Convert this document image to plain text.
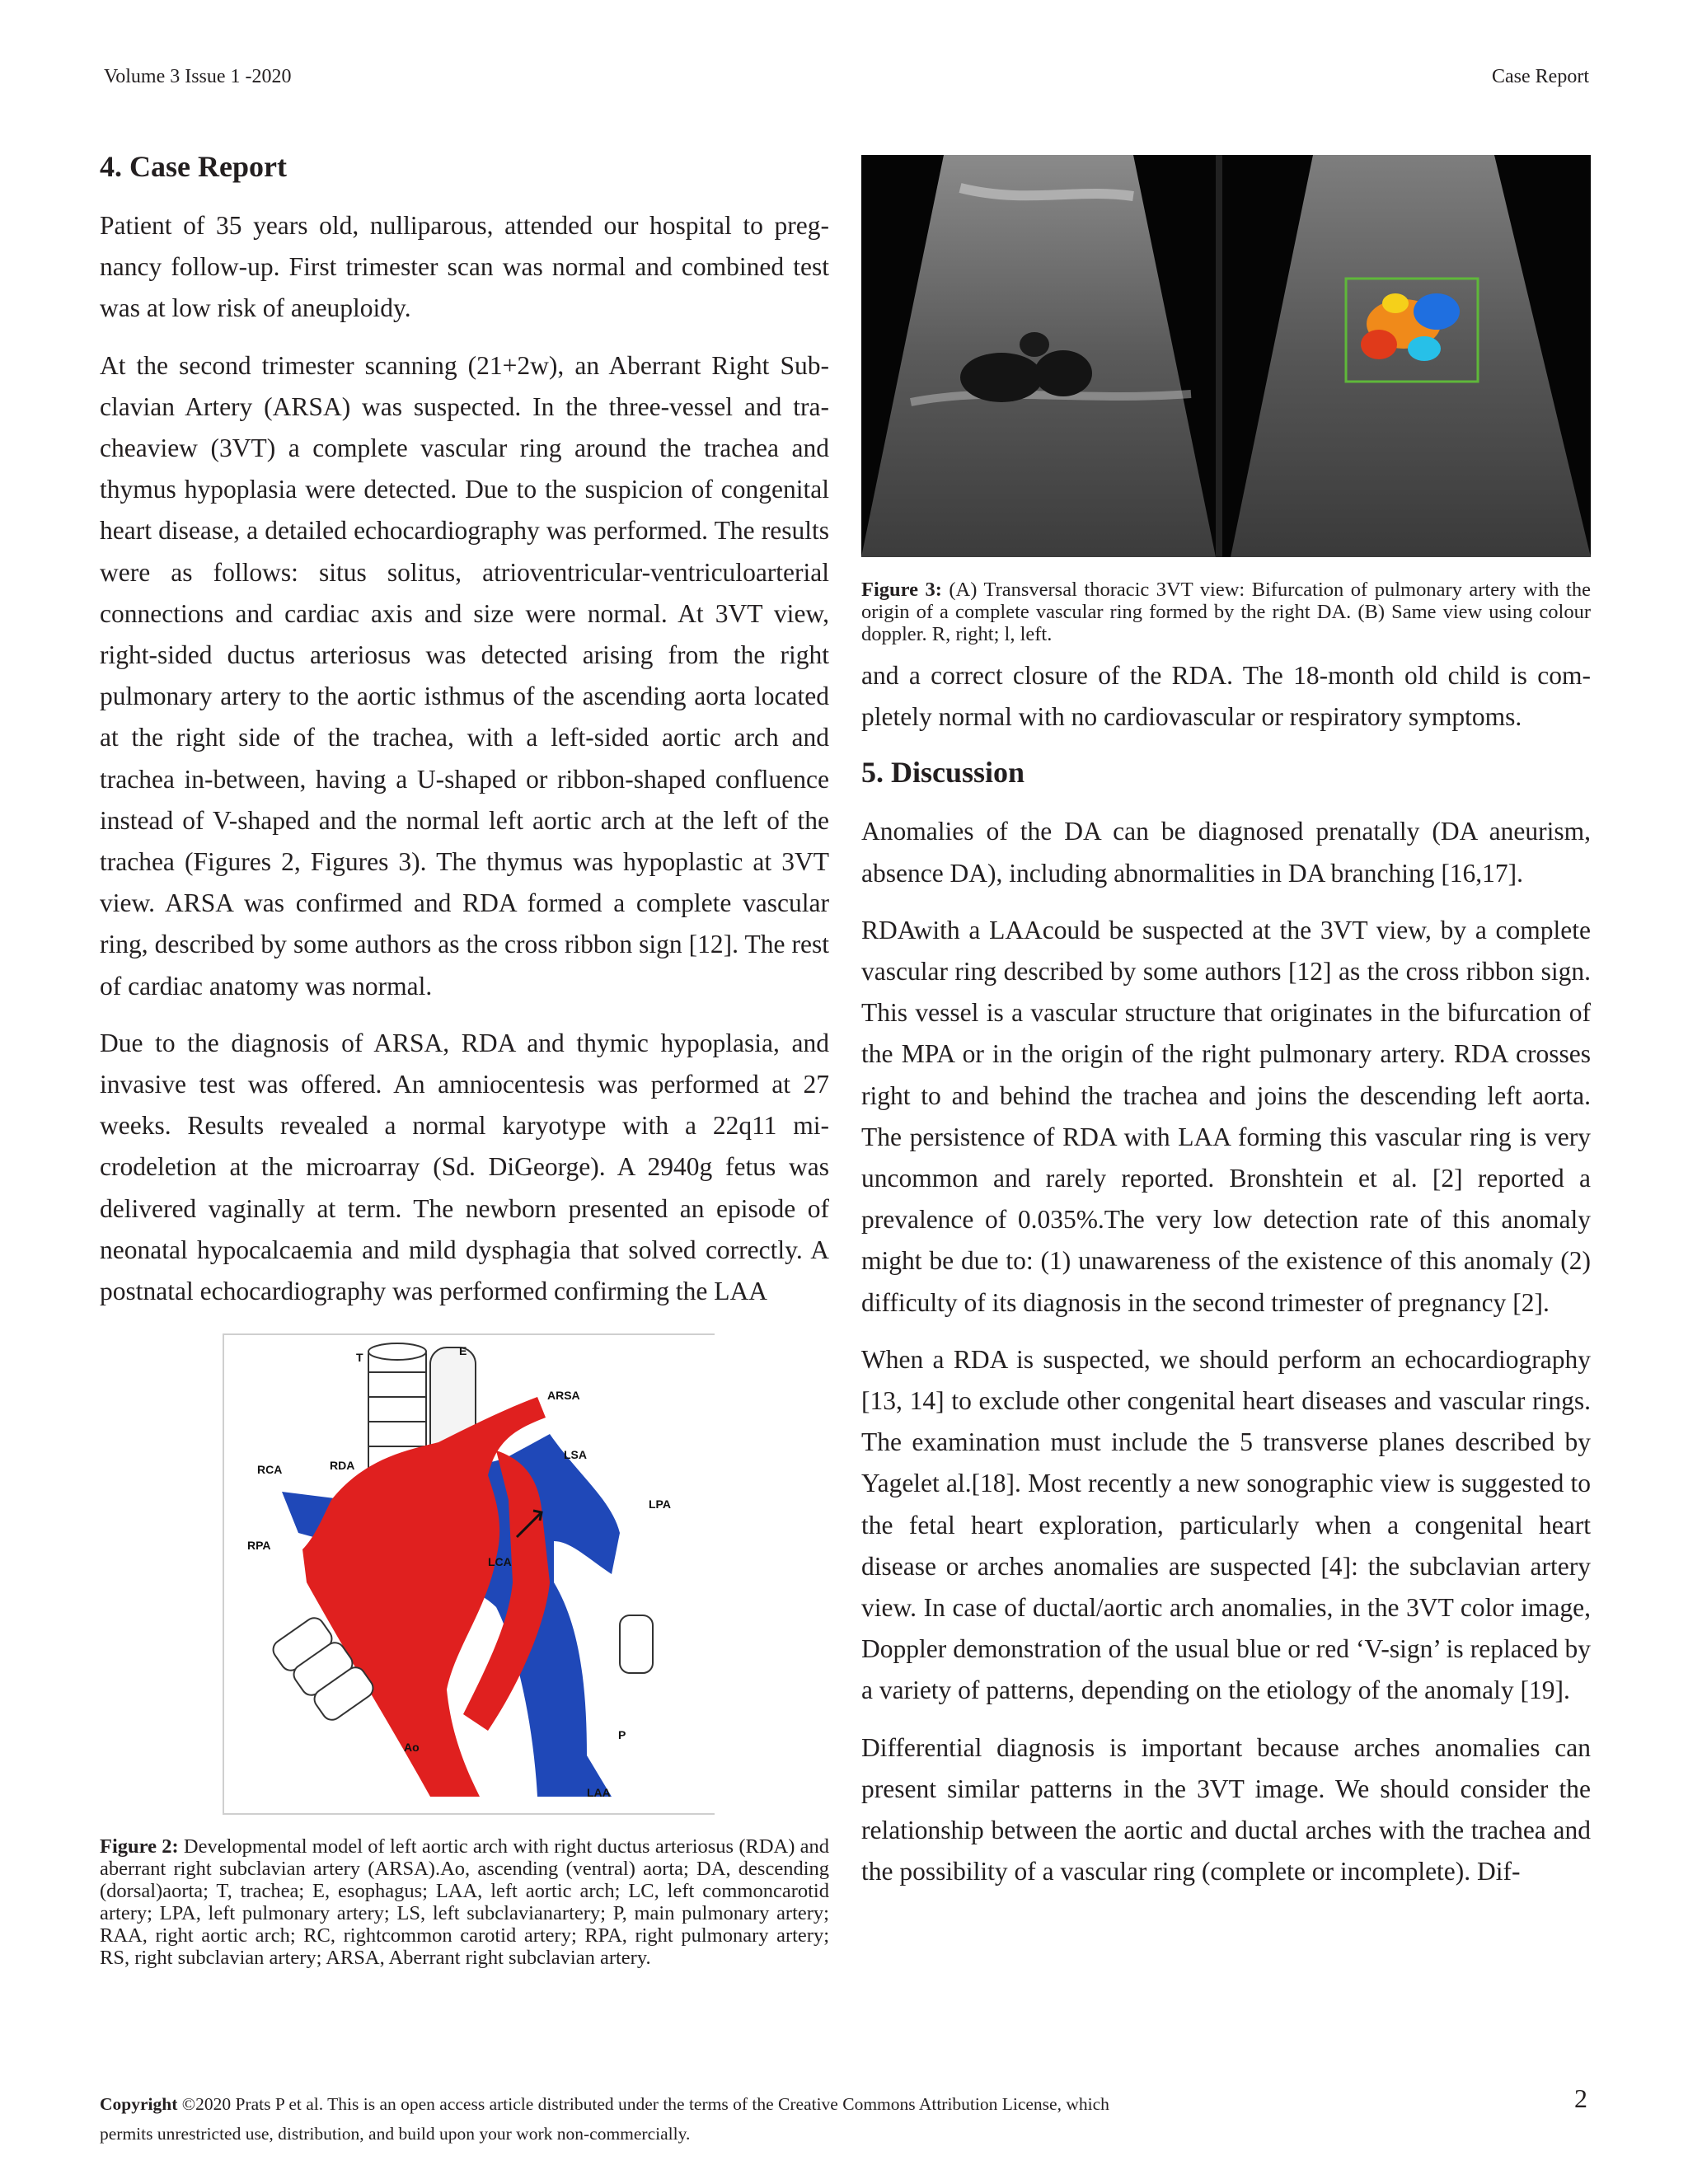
Volume 3 Issue 1 -2020	Case Report
4. Case Report

Patient of 35 years old, nulliparous, attended our hospital to pregnancy follow-up. First trimester scan was normal and combined test was at low risk of aneuploidy.

At the second trimester scanning (21+2w), an Aberrant Right Subclavian Artery (ARSA) was suspected. In the three-vessel and tracheaview (3VT) a complete vascular ring around the trachea and thymus hypoplasia were detected. Due to the suspicion of congenital heart disease, a detailed echocardiography was performed. The results were as follows: situs solitus, atrioventricular-ventriculoarterial connections and cardiac axis and size were normal. At 3VT view, right-sided ductus arteriosus was detected arising from the right pulmonary artery to the aortic isthmus of the ascending aorta located at the right side of the trachea, with a left-sided aortic arch and trachea in-between, having a U-shaped or ribbon-shaped confluence instead of V-shaped and the normal left aortic arch at the left of the trachea (Figures 2, Figures 3). The thymus was hypoplastic at 3VT view. ARSA was confirmed and RDA formed a complete vascular ring, described by some authors as the cross ribbon sign [12]. The rest of cardiac anatomy was normal.

Due to the diagnosis of ARSA, RDA and thymic hypoplasia, and invasive test was offered. An amniocentesis was performed at 27 weeks. Results revealed a normal karyotype with a 22q11 microdeletion at the microarray (Sd. DiGeorge). A 2940g fetus was delivered vaginally at term. The newborn presented an episode of neonatal hypocalcaemia and mild dysphagia that solved correctly. A postnatal echocardiography was performed confirming the LAA

T	E
ARSA
LSA
RCA	RDA
LPA
RPA
LCA
Ao
P
LAA

Figure 2: Developmental model of left aortic arch with right ductus arteriosus (RDA) and aberrant right subclavian artery (ARSA).Ao, ascending (ventral) aorta; DA, descending (dorsal)aorta; T, trachea; E, esophagus; LAA, left aortic arch; LC, left commoncarotid artery; LPA, left pulmonary artery; LS, left subclavianartery; P, main pulmonary artery; RAA, right aortic arch; RC, rightcommon carotid artery; RPA, right pulmonary artery; RS, right subclavian artery; ARSA, Aberrant right subclavian artery.

Figure 3: (A) Transversal thoracic 3VT view: Bifurcation of pulmonary artery with the origin of a complete vascular ring formed by the right DA. (B) Same view using colour doppler. R, right; l, left.

and a correct closure of the RDA. The 18-month old child is completely normal with no cardiovascular or respiratory symptoms.

5. Discussion

Anomalies of the DA can be diagnosed prenatally (DA aneurism, absence DA), including abnormalities in DA branching [16,17].

RDAwith a LAAcould be suspected at the 3VT view, by a complete vascular ring described by some authors [12] as the cross ribbon sign. This vessel is a vascular structure that originates in the bifurcation of the MPA or in the origin of the right pulmonary artery. RDA crosses right to and behind the trachea and joins the descending left aorta. The persistence of RDA with LAA forming this vascular ring is very uncommon and rarely reported. Bronshtein et al. [2] reported a prevalence of 0.035%.The very low detection rate of this anomaly might be due to: (1) unawareness of the existence of this anomaly (2) difficulty of its diagnosis in the second trimester of pregnancy [2].

When a RDA is suspected, we should perform an echocardiography [13, 14] to exclude other congenital heart diseases and vascular rings. The examination must include the 5 transverse planes described by Yagelet al.[18]. Most recently a new sonographic view is suggested to the fetal heart exploration, particularly when a congenital heart disease or arches anomalies are suspected [4]: the subclavian artery view. In case of ductal/aortic arch anomalies, in the 3VT color image, Doppler demonstration of the usual blue or red ‘V-sign’ is replaced by a variety of patterns, depending on the etiology of the anomaly [19].

Differential diagnosis is important because arches anomalies can present similar patterns in the 3VT image. We should consider the relationship between the aortic and ductal arches with the trachea and the possibility of a vascular ring (complete or incomplete). Dif-

Copyright ©2020 Prats P et al. This is an open access article distributed under the terms of the Creative Commons Attribution License, which
permits unrestricted use, distribution, and build upon your work non-commercially.
2
